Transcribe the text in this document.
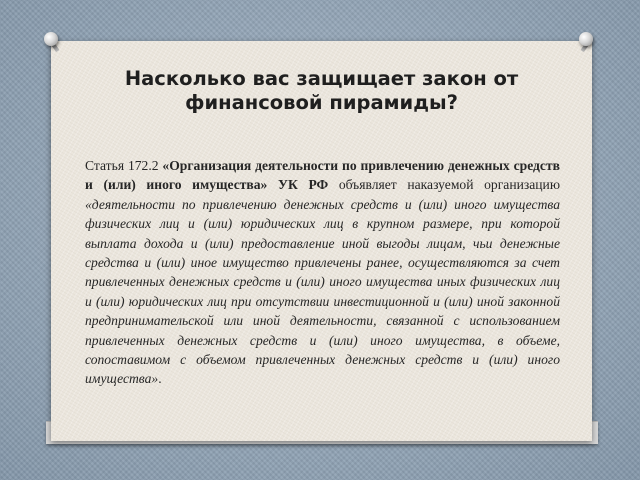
Насколько вас защищает закон от
финансовой пирамиды?

Статья 172.2 «Организация деятельности по привлечению денежных средств и (или) иного имущества» УК РФ объявляет наказуемой организацию «деятельности по привлечению денежных средств и (или) иного имущества физических лиц и (или) юридических лиц в крупном размере, при которой выплата дохода и (или) предоставление иной выгоды лицам, чьи денежные средства и (или) иное имущество привлечены ранее, осуществляются за счет привлеченных денежных средств и (или) иного имущества иных физических лиц и (или) юридических лиц при отсутствии инвестиционной и (или) иной законной предпринимательской или иной деятельности, связанной с использованием привлеченных денежных средств и (или) иного имущества, в объеме, сопоставимом с объемом привлеченных денежных средств и (или) иного имущества».
